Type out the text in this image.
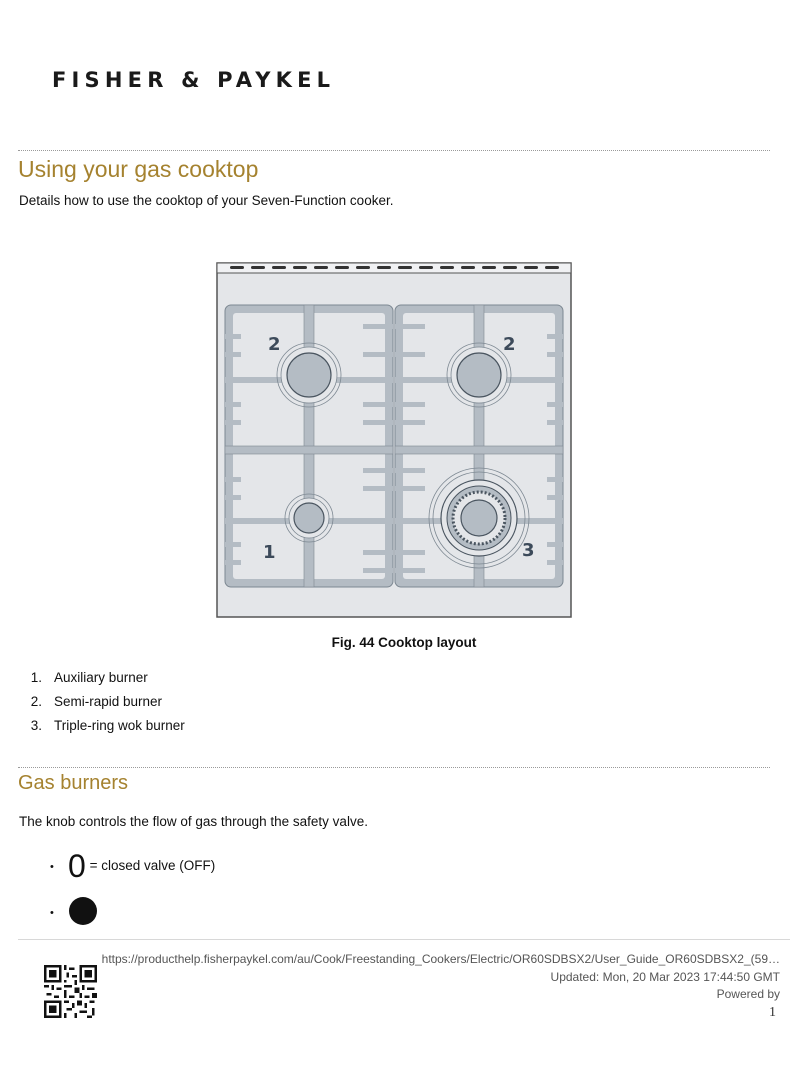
FISHER & PAYKEL
Using your gas cooktop
Details how to use the cooktop of your Seven-Function cooker.
2	2
1	3
Fig. 44 Cooktop layout
1. Auxiliary burner
2. Semi-rapid burner
3. Triple-ring wok burner
Gas burners
The knob controls the flow of gas through the safety valve.
• 0 = closed valve (OFF)
•
https://producthelp.fisherpaykel.com/au/Cook/Freestanding_Cookers/Electric/OR60SDBSX2/User_Guide_OR60SDBSX2_(59…
Updated: Mon, 20 Mar 2023 17:44:50 GMT
Powered by
1
